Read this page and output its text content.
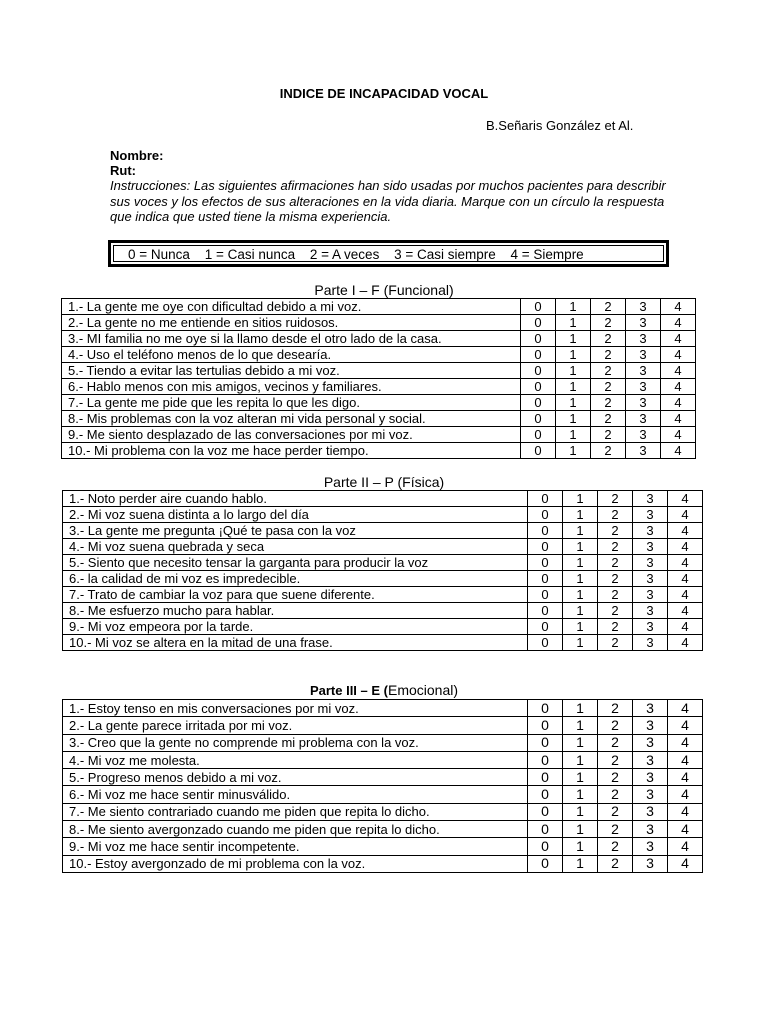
INDICE DE INCAPACIDAD VOCAL
B.Señaris González et Al.
Nombre:
Rut:
Instrucciones: Las siguientes afirmaciones han sido usadas por muchos pacientes para describir sus voces y los efectos de sus alteraciones en la vida diaria. Marque con un círculo la respuesta que indica que usted tiene la misma experiencia.
0 = Nunca 1 = Casi nunca 2 = A veces 3 = Casi siempre 4 = Siempre
Parte I – F (Funcional)
1.- La gente me oye con dificultad debido a mi voz.	0	1	2	3	4
2.- La gente no me entiende en sitios ruidosos.	0	1	2	3	4
3.- MI familia no me oye si la llamo desde el otro lado de la casa.	0	1	2	3	4
4.- Uso el teléfono menos de lo que desearía.	0	1	2	3	4
5.- Tiendo a evitar las tertulias debido a mi voz.	0	1	2	3	4
6.- Hablo menos con mis amigos, vecinos y familiares.	0	1	2	3	4
7.- La gente me pide que les repita lo que les digo.	0	1	2	3	4
8.- Mis problemas con la voz alteran mi vida personal y social.	0	1	2	3	4
9.- Me siento desplazado de las conversaciones por mi voz.	0	1	2	3	4
10.- Mi problema con la voz me hace perder tiempo.	0	1	2	3	4
Parte II – P (Física)
1.- Noto perder aire cuando hablo.	0	1	2	3	4
2.- Mi voz suena distinta a lo largo del día	0	1	2	3	4
3.- La gente me pregunta ¡Qué te pasa con la voz	0	1	2	3	4
4.- Mi voz suena quebrada y seca	0	1	2	3	4
5.- Siento que necesito tensar la garganta para producir la voz	0	1	2	3	4
6.- la calidad de mi voz es impredecible.	0	1	2	3	4
7.- Trato de cambiar la voz para que suene diferente.	0	1	2	3	4
8.- Me esfuerzo mucho para hablar.	0	1	2	3	4
9.- Mi voz empeora por la tarde.	0	1	2	3	4
10.- Mi voz se altera en la mitad de una frase.	0	1	2	3	4
Parte III – E (Emocional)
1.- Estoy tenso en mis conversaciones por mi voz.	0	1	2	3	4
2.- La gente parece irritada por mi voz.	0	1	2	3	4
3.- Creo que la gente no comprende mi problema con la voz.	0	1	2	3	4
4.- Mi voz me molesta.	0	1	2	3	4
5.- Progreso menos debido a mi voz.	0	1	2	3	4
6.- Mi voz me hace sentir minusválido.	0	1	2	3	4
7.- Me siento contrariado cuando me piden que repita lo dicho.	0	1	2	3	4
8.- Me siento avergonzado cuando me piden que repita lo dicho.	0	1	2	3	4
9.- Mi voz me hace sentir incompetente.	0	1	2	3	4
10.- Estoy avergonzado de mi problema con la voz.	0	1	2	3	4
